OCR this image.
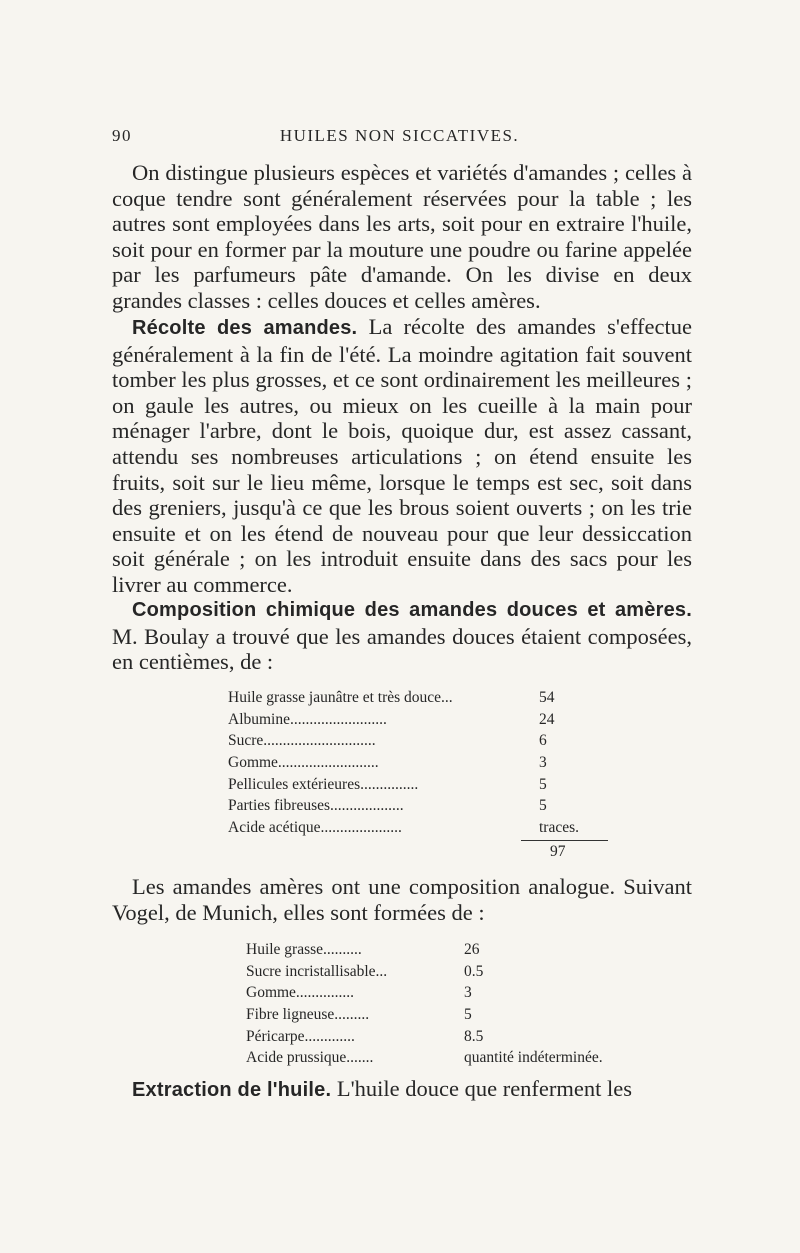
90	HUILES NON SICCATIVES.

On distingue plusieurs espèces et variétés d'amandes ; celles à coque tendre sont généralement réservées pour la table ; les autres sont employées dans les arts, soit pour en extraire l'huile, soit pour en former par la mouture une poudre ou farine appelée par les parfumeurs pâte d'amande. On les divise en deux grandes classes : celles douces et celles amères.

Récolte des amandes. La récolte des amandes s'effectue généralement à la fin de l'été. La moindre agitation fait souvent tomber les plus grosses, et ce sont ordinairement les meilleures ; on gaule les autres, ou mieux on les cueille à la main pour ménager l'arbre, dont le bois, quoique dur, est assez cassant, attendu ses nombreuses articulations ; on étend ensuite les fruits, soit sur le lieu même, lorsque le temps est sec, soit dans des greniers, jusqu'à ce que les brous soient ouverts ; on les trie ensuite et on les étend de nouveau pour que leur dessiccation soit générale ; on les introduit ensuite dans des sacs pour les livrer au commerce.

Composition chimique des amandes douces et amères. M. Boulay a trouvé que les amandes douces étaient composées, en centièmes, de :

Huile grasse jaunâtre et très douce...	54
Albumine.........................	24
Sucre.............................	6
Gomme..........................	3
Pellicules extérieures...............	5
Parties fibreuses...................	5
Acide acétique.....................	traces.
97

Les amandes amères ont une composition analogue. Suivant Vogel, de Munich, elles sont formées de :

Huile grasse..........	26
Sucre incristallisable...	0.5
Gomme...............	3
Fibre ligneuse.........	5
Péricarpe.............	8.5
Acide prussique.......	quantité indéterminée.

Extraction de l'huile. L'huile douce que renferment les
